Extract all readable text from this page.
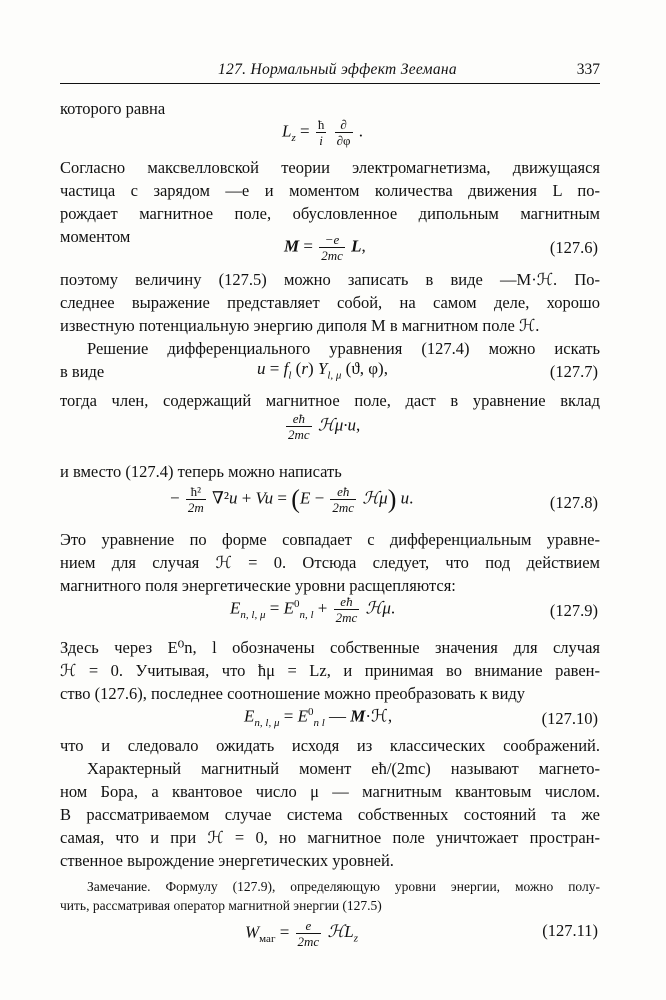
127. Нормальный эффект Зеемана	337
которого равна
$L_z = \frac{ħ}{i}$
$\frac{\partial}{\partial\varphi}$ .
Согласно максвелловской теории электромагнетизма, движущаяся
частица с зарядом —e и моментом количества движения L по-
рождает магнитное поле, обусловленное дипольным магнитным
моментом	$M = \frac{-e}{2mc} L$,	(127.6)
поэтому величину (127.5) можно записать в виде —M·ℋ. По-
следнее выражение представляет собой, на самом деле, хорошо
известную потенциальную энергию диполя M в магнитном поле ℋ.
Решение дифференциального уравнения (127.4) можно искать
в виде	$u = f_l$ (r) $Y_{l, \mu}$ (ϑ, φ),	(127.7)
тогда член, содержащий магнитное поле, даст в уравнение вклад
$\frac{eħ}{2mc}$ ℋμ·u,
и вместо (127.4) теперь можно написать
− $\frac{\text{ħ²}}{2m} \nabla^2u + Vu = (E - \frac{eħ}{2mc}$ ℋμ) u.	(127.8)
Это уравнение по форме совпадает с дифференциальным уравне-
нием для случая ℋ = 0. Отсюда следует, что под действием
магнитного поля энергетические уровни расщепляются:
$E_{n, l, \mu} = E^0_{n, l} + \frac{eħ}{2mc}$ ℋμ.	(127.9)
Здесь через E⁰n, l обозначены собственные значения для случая
ℋ = 0. Учитывая, что ħμ = Lz, и принимая во внимание равен-
ство (127.6), последнее соотношение можно преобразовать к виду
$E_{n, l, \mu} = E^0_{n l}$ — M·ℋ,	(127.10)
что и следовало ожидать исходя из классических соображений.
Характерный магнитный момент eħ/(2mc) называют магнето-
ном Бора, а квантовое число μ — магнитным квантовым числом.
В рассматриваемом случае система собственных состояний та же
самая, что и при ℋ = 0, но магнитное поле уничтожает простран-
ственное вырождение энергетических уровней.
Замечание. Формулу (127.9), определяющую уровни энергии, можно полу-
чить, рассматривая оператор магнитной энергии (127.5)
$W_{маг} = \frac{e}{2mc}$ ℋL$_z$	(127.11)
